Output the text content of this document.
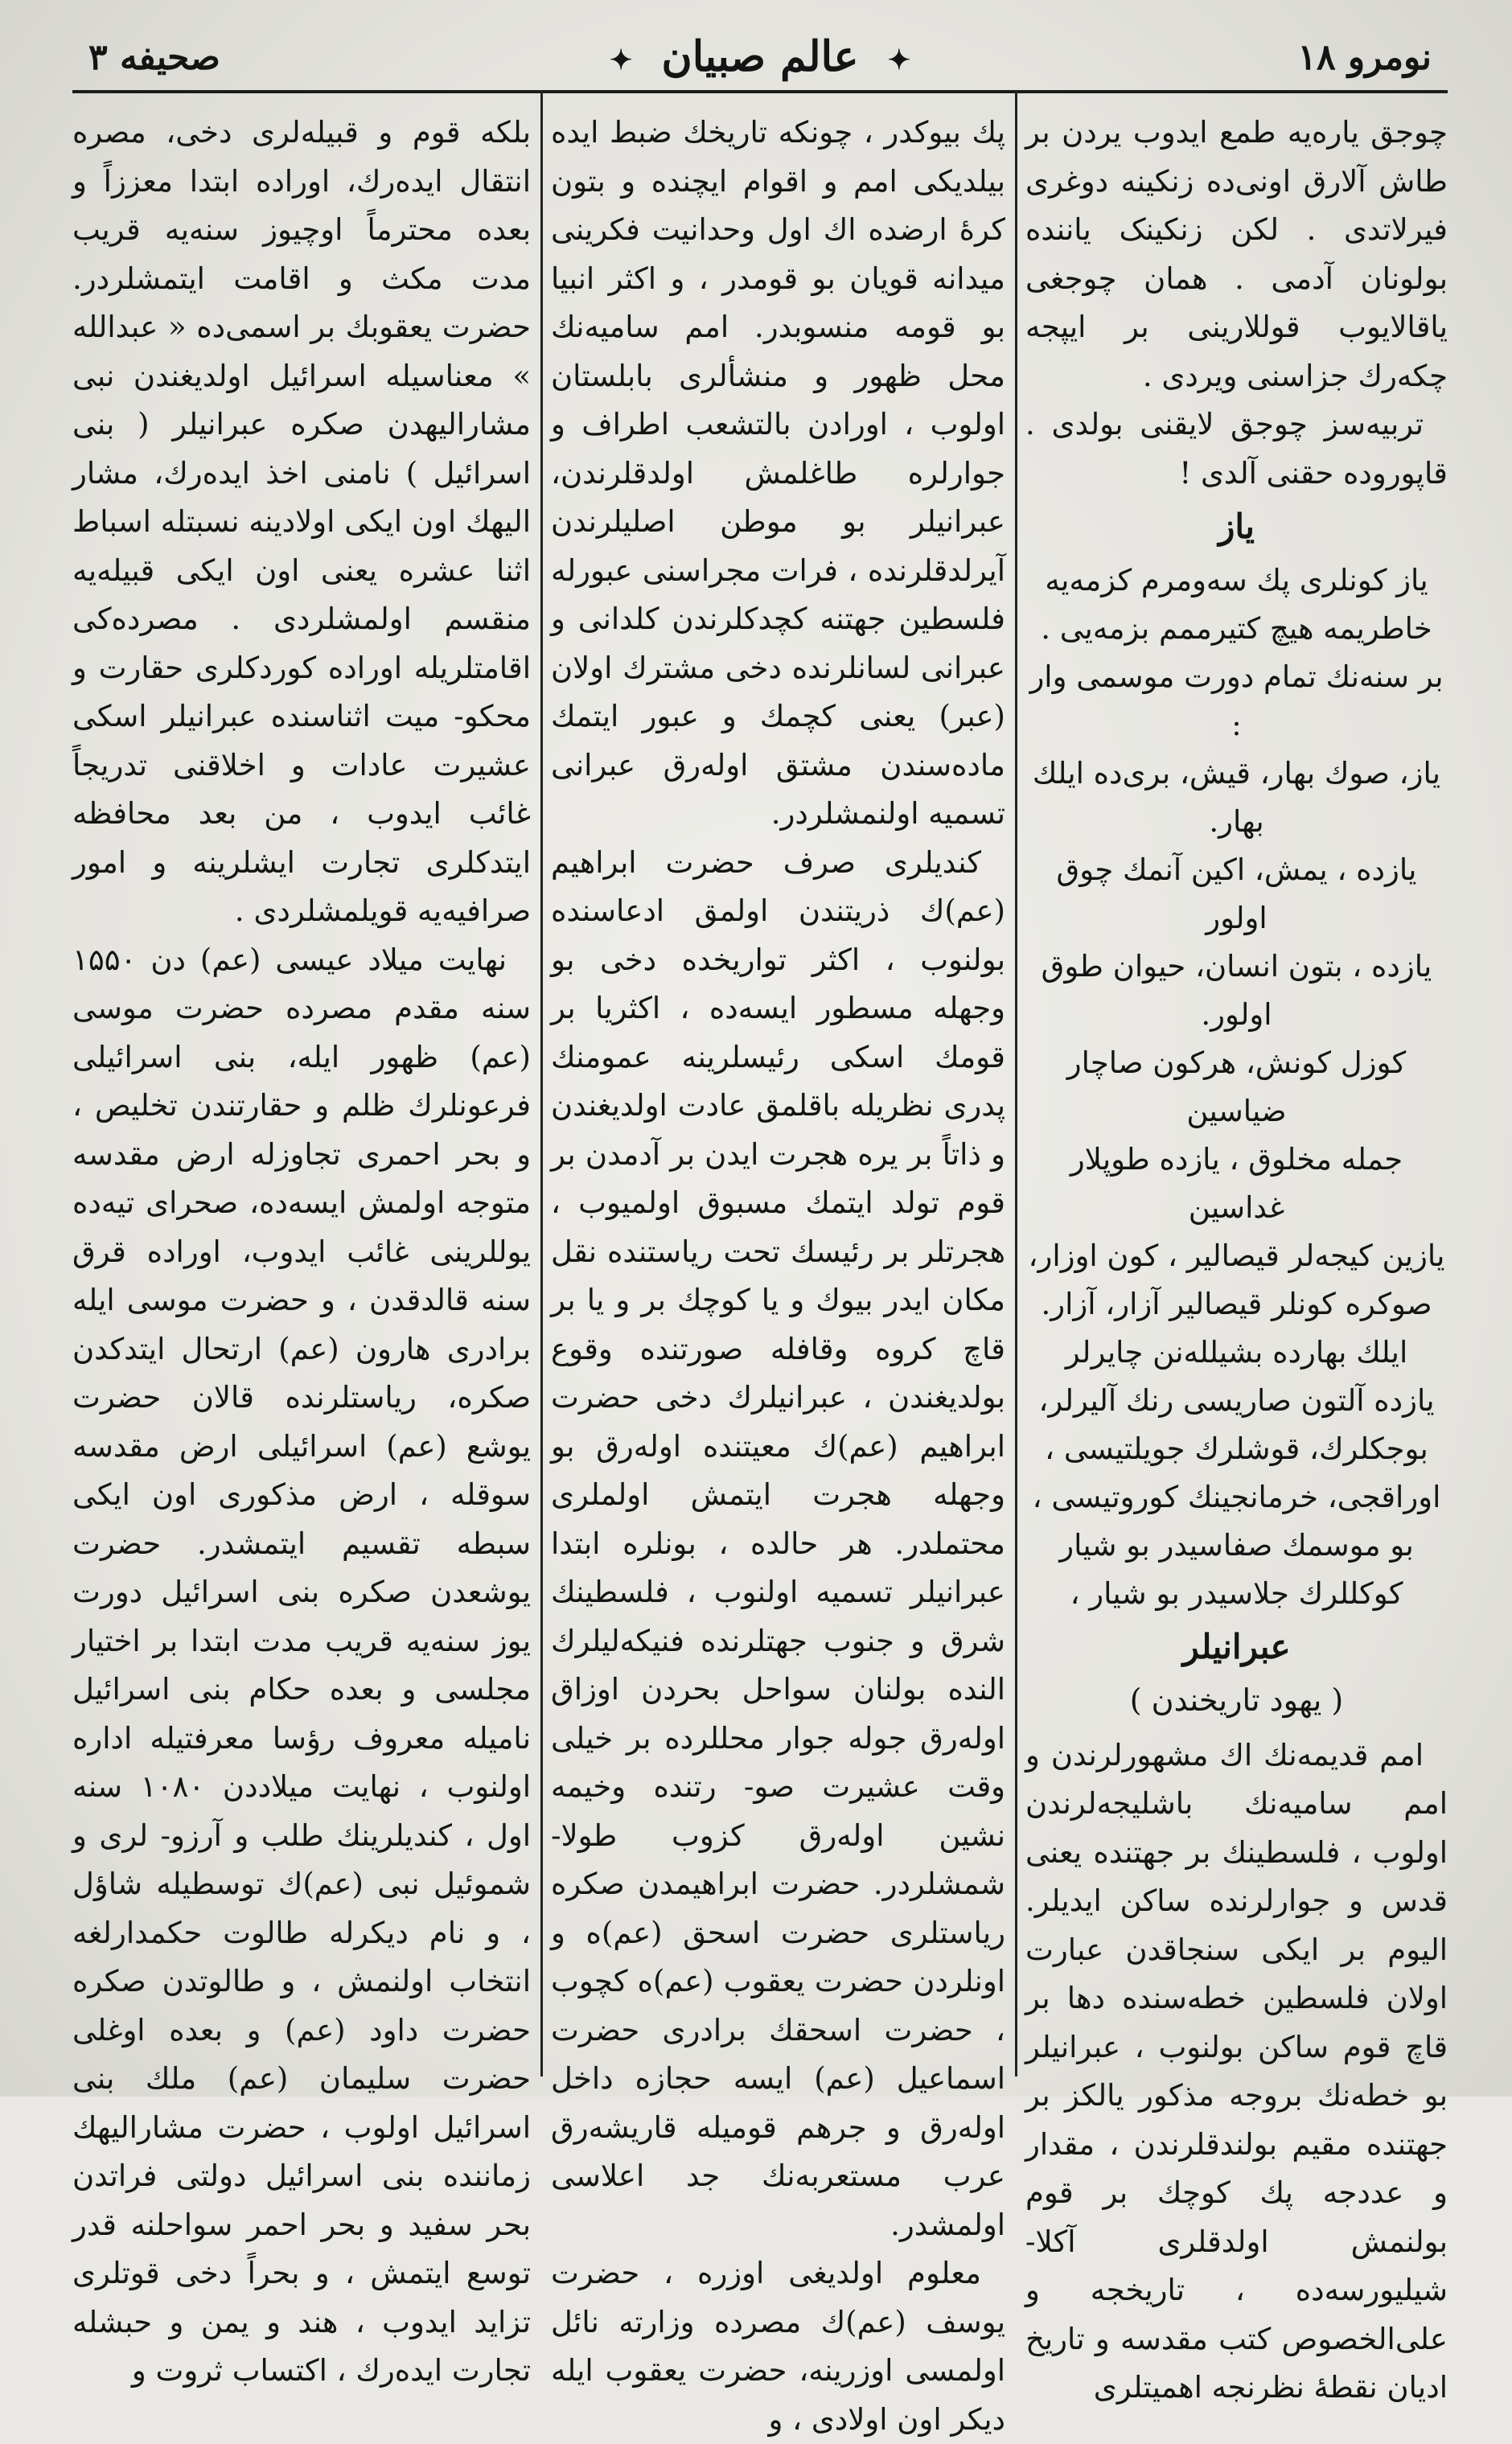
نومرو ۱۸
✦ عالم صبیان ✦
صحیفه ۳

چوجق یاره‌یه طمع ایدوب یردن بر طاش آلارق اونی‌ده زنکینه دوغری فیرلاتدی . لکن زنکینک یاننده بولونان آدمی . همان چوجغی یاقالایوب قوللارینی بر ایپجه چکه‌رك جزاسنی ویردی .

تربیه‌سز چوجق لایقنی بولدی . قاپوروده حقنی آلدی !

یاز
یاز کونلری پك سه‌ومرم کزمه‌یه
خاطریمه هیچ کتیرممم بزمه‌یی .
بر سنه‌نك تمام دورت موسمی وار :
یاز، صوك بهار، قیش، بری‌ده ایلك بهار.
یازده ، یمش، اکین آنمك چوق اولور
یازده ، بتون انسان، حیوان طوق اولور.
کوزل کونش، هرکون صاچار ضیاسین
جمله مخلوق ، یازده طوپلار غداسین
یازین کیجه‌لر قیصالیر ، کون اوزار،
صوکره کونلر قیصالیر آزار، آزار.
ایلك بهارده بشیلله‌نن چایرلر
یازده آلتون صاریسی رنك آلیرلر،
بوجکلرك، قوشلرك جویلتیسی ،
اوراقجی، خرمانجینك کوروتیسی ،
بو موسمك صفاسیدر بو شیار
کوکللرك جلاسیدر بو شیار ،
عبرانیلر
( یهود تاریخندن )

امم قدیمه‌نك اك مشهورلرندن و امم سامیه‌نك باشلیجه‌لرندن اولوب ، فلسطینك بر جهتنده یعنی قدس و جوارلرنده ساکن ایدیلر. الیوم بر ایکی سنجاقدن عبارت اولان فلسطین خطه‌سنده دها بر قاچ قوم ساکن بولنوب ، عبرانیلر بو خطه‌نك بروجه مذکور یالکز بر جهتنده مقیم بولندقلرندن ، مقدار و عددجه پك کوچك بر قوم بولنمش اولدقلری آکلا- شیلیورسه‌ده ، تاریخجه و علی‌الخصوص کتب مقدسه و تاریخ ادیان نقطهٔ نظرنجه اهمیتلری

پك بیوکدر ، چونکه تاریخك ضبط ایده بیلدیکی امم و اقوام ایچنده و بتون کرهٔ ارضده اك اول وحدانیت فکرینی میدانه قویان بو قومدر ، و اکثر انبیا بو قومه منسوبدر. امم سامیه‌نك محل ظهور و منشألری بابلستان اولوب ، اورادن بالتشعب اطراف و جوارلره طاغلمش اولدقلرندن، عبرانیلر بو موطن اصلیلرندن آیرلدقلرنده ، فرات مجراسنی عبورله فلسطین جهتنه کچدکلرندن کلدانی و عبرانی لسانلرنده دخی مشترك اولان (عبر) یعنی کچمك و عبور ایتمك ماده‌سندن مشتق اوله‌رق عبرانی تسمیه اولنمشلردر.

کندیلری صرف حضرت ابراهیم (عم)ك ذریتندن اولمق ادعاسنده بولنوب ، اکثر تواریخده دخی بو وجهله مسطور ایسه‌ده ، اکثریا بر قومك اسکی رئیسلرینه عمومنك پدری نظریله باقلمق عادت اولدیغندن و ذاتاً بر یره هجرت ایدن بر آدمدن بر قوم تولد ایتمك مسبوق اولمیوب ، هجرتلر بر رئیسك تحت ریاستنده نقل مکان ایدر بیوك و یا کوچك بر و یا بر قاچ کروه وقافله صورتنده وقوع بولدیغندن ، عبرانیلرك دخی حضرت ابراهیم (عم)ك معیتنده اوله‌رق بو وجهله هجرت ایتمش اولملری محتملدر. هر حالده ، بونلره ابتدا عبرانیلر تسمیه اولنوب ، فلسطینك شرق و جنوب جهتلرنده فنیکه‌لیلرك النده بولنان سواحل بحردن اوزاق اوله‌رق جوله جوار محللرده بر خیلی وقت عشیرت صو- رتنده وخیمه نشین اوله‌رق کزوب طولا- شمشلردر. حضرت ابراهیمدن صکره ریاستلری حضرت اسحق (عم)ه و اونلردن حضرت یعقوب (عم)ه کچوب ، حضرت اسحقك برادری حضرت اسماعیل (عم) ایسه حجازه داخل اوله‌رق و جرهم قومیله قاریشه‌رق عرب مستعربه‌نك جد اعلاسی اولمشدر.

معلوم اولدیغی اوزره ، حضرت یوسف (عم)ك مصرده وزارته نائل اولمسی اوزرینه، حضرت یعقوب ایله دیکر اون اولادی ، و

بلکه قوم و قبیله‌لری دخی، مصره انتقال ایده‌رك، اوراده ابتدا معززاً و بعده محترماً اوچیوز سنه‌یه قریب مدت مکث و اقامت ایتمشلردر. حضرت یعقوبك بر اسمی‌ده « عبدالله » معناسیله اسرائیل اولدیغندن نبی مشارالیهدن صکره عبرانیلر ( بنی اسرائیل ) نامنی اخذ ایده‌رك، مشار الیهك اون ایکی اولادینه نسبتله اسباط اثنا عشره یعنی اون ایکی قبیله‌یه منقسم اولمشلردی . مصرده‌کی اقامتلریله اوراده کوردکلری حقارت و محکو- میت اثناسنده عبرانیلر اسکی عشیرت عادات و اخلاقنی تدریجاً غائب ایدوب ، من بعد محافظه ایتدکلری تجارت ایشلرینه و امور صرافیه‌یه قویلمشلردی .

نهایت میلاد عیسی (عم) دن ۱۵۵۰ سنه مقدم مصرده حضرت موسی (عم) ظهور ایله، بنی اسرائیلی فرعونلرك ظلم و حقارتندن تخلیص ، و بحر احمری تجاوزله ارض مقدسه متوجه اولمش ایسه‌ده، صحرای تیه‌ده یوللرینی غائب ایدوب، اوراده قرق سنه قالدقدن ، و حضرت موسی ایله برادری هارون (عم) ارتحال ایتدکدن صکره، ریاستلرنده قالان حضرت یوشع (عم) اسرائیلی ارض مقدسه سوقله ، ارض مذکوری اون ایکی سبطه تقسیم ایتمشدر. حضرت یوشعدن صکره بنی اسرائیل دورت یوز سنه‌یه قریب مدت ابتدا بر اختیار مجلسی و بعده حکام بنی اسرائیل نامیله معروف رؤسا معرفتیله اداره اولنوب ، نهایت میلاددن ۱۰۸۰ سنه اول ، کندیلرینك طلب و آرزو- لری و شموئیل نبی (عم)ك توسطیله شاؤل ، و نام دیکرله طالوت حکمدارلغه انتخاب اولنمش ، و طالوتدن صکره حضرت داود (عم) و بعده اوغلی حضرت سلیمان (عم) ملك بنی اسرائیل اولوب ، حضرت مشارالیهك زماننده بنی اسرائیل دولتی فراتدن بحر سفید و بحر احمر سواحلنه قدر توسع ایتمش ، و بحراً دخی قوتلری تزاید ایدوب ، هند و یمن و حبشله تجارت ایده‌رك ، اکتساب ثروت و
